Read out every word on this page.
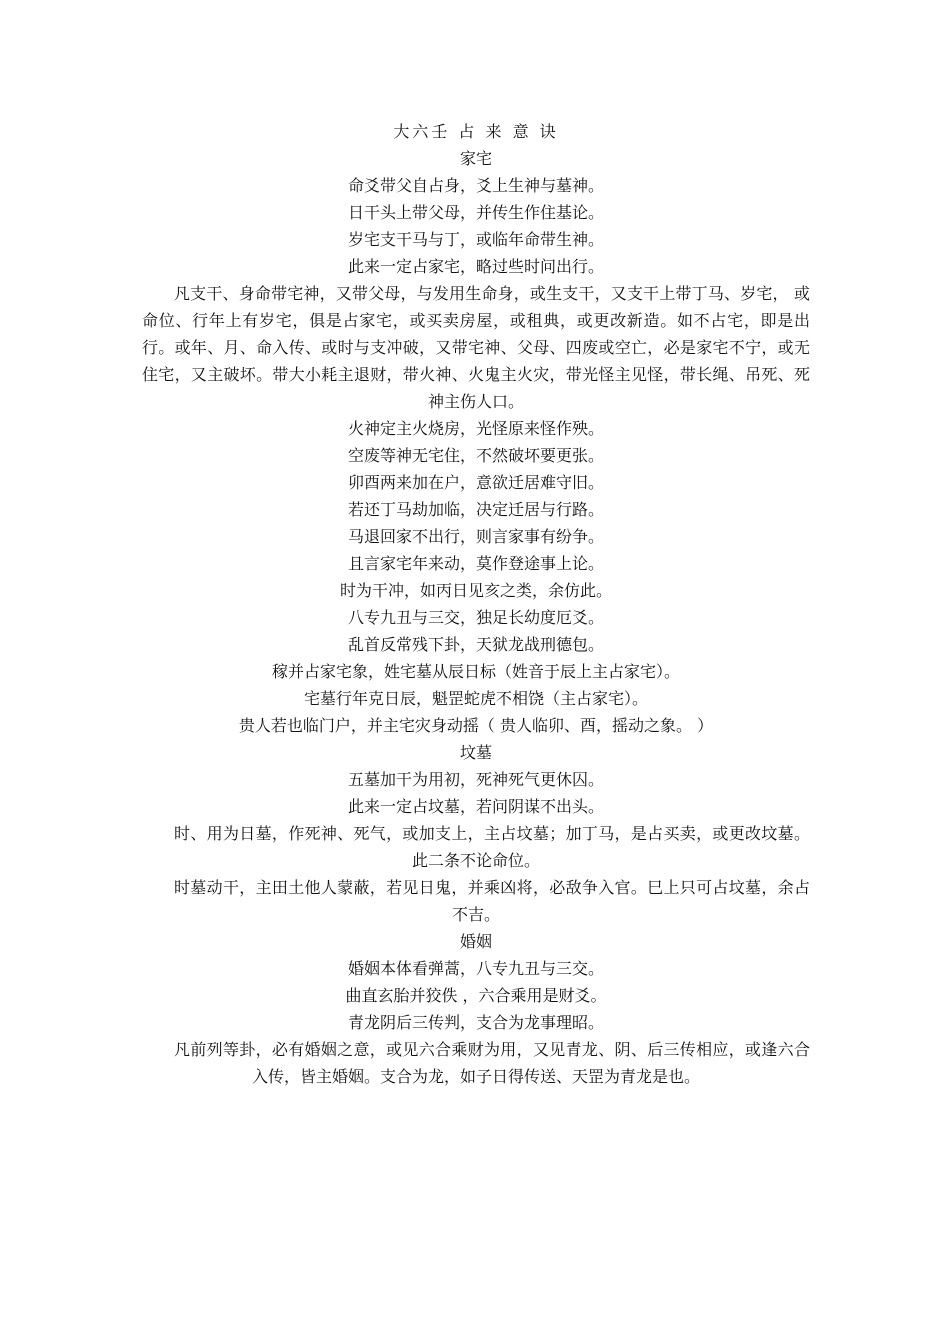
大六壬 占 来 意 诀
家宅
命爻带父自占身，爻上生神与墓神。
日干头上带父母，并传生作住基论。
岁宅支干马与丁，或临年命带生神。
此来一定占家宅，略过些时问出行。

凡支干、身命带宅神，又带父母，与发用生命身，或生支干，又支干上带丁马、岁宅， 或命位、行年上有岁宅，俱是占家宅，或买卖房屋，或租典，或更改新造。如不占宅，即是出行。或年、月、命入传、或时与支冲破，又带宅神、父母、四废或空亡，必是家宅不宁，或无住宅，又主破坏。带大小耗主退财，带火神、火鬼主火灾，带光怪主见怪，带长绳、吊死、死神主伤人口。

火神定主火烧房，光怪原来怪作殃。
空废等神无宅住，不然破坏要更张。
卯酉两来加在户，意欲迁居难守旧。
若还丁马劫加临，决定迁居与行路。
马退回家不出行，则言家事有纷争。
且言家宅年来动，莫作登途事上论。
时为干冲，如丙日见亥之类，余仿此。
八专九丑与三交，独足长幼度厄爻。
乱首反常残下卦，天狱龙战刑德包。
稼并占家宅象，姓宅墓从辰日标（姓音于辰上主占家宅）。
宅墓行年克日辰，魁罡蛇虎不相饶（主占家宅）。
贵人若也临门户，并主宅灾身动摇（ 贵人临卯、酉，摇动之象。 ）
坟墓
五墓加干为用初，死神死气更休囚。
此来一定占坟墓，若问阴谋不出头。

时、用为日墓，作死神、死气，或加支上，主占坟墓；加丁马，是占买卖，或更改坟墓。此二条不论命位。

时墓动干，主田土他人蒙蔽，若见日鬼，并乘凶将，必敌争入官。巳上只可占坟墓，余占不吉。

婚姻
婚姻本体看弹蒿，八专九丑与三交。
曲直玄胎并狡佚 ，六合乘用是财爻。
青龙阴后三传判，支合为龙事理昭。

凡前列等卦，必有婚姻之意，或见六合乘财为用，又见青龙、阴、后三传相应，或逢六合入传，皆主婚姻。支合为龙，如子日得传送、天罡为青龙是也。
